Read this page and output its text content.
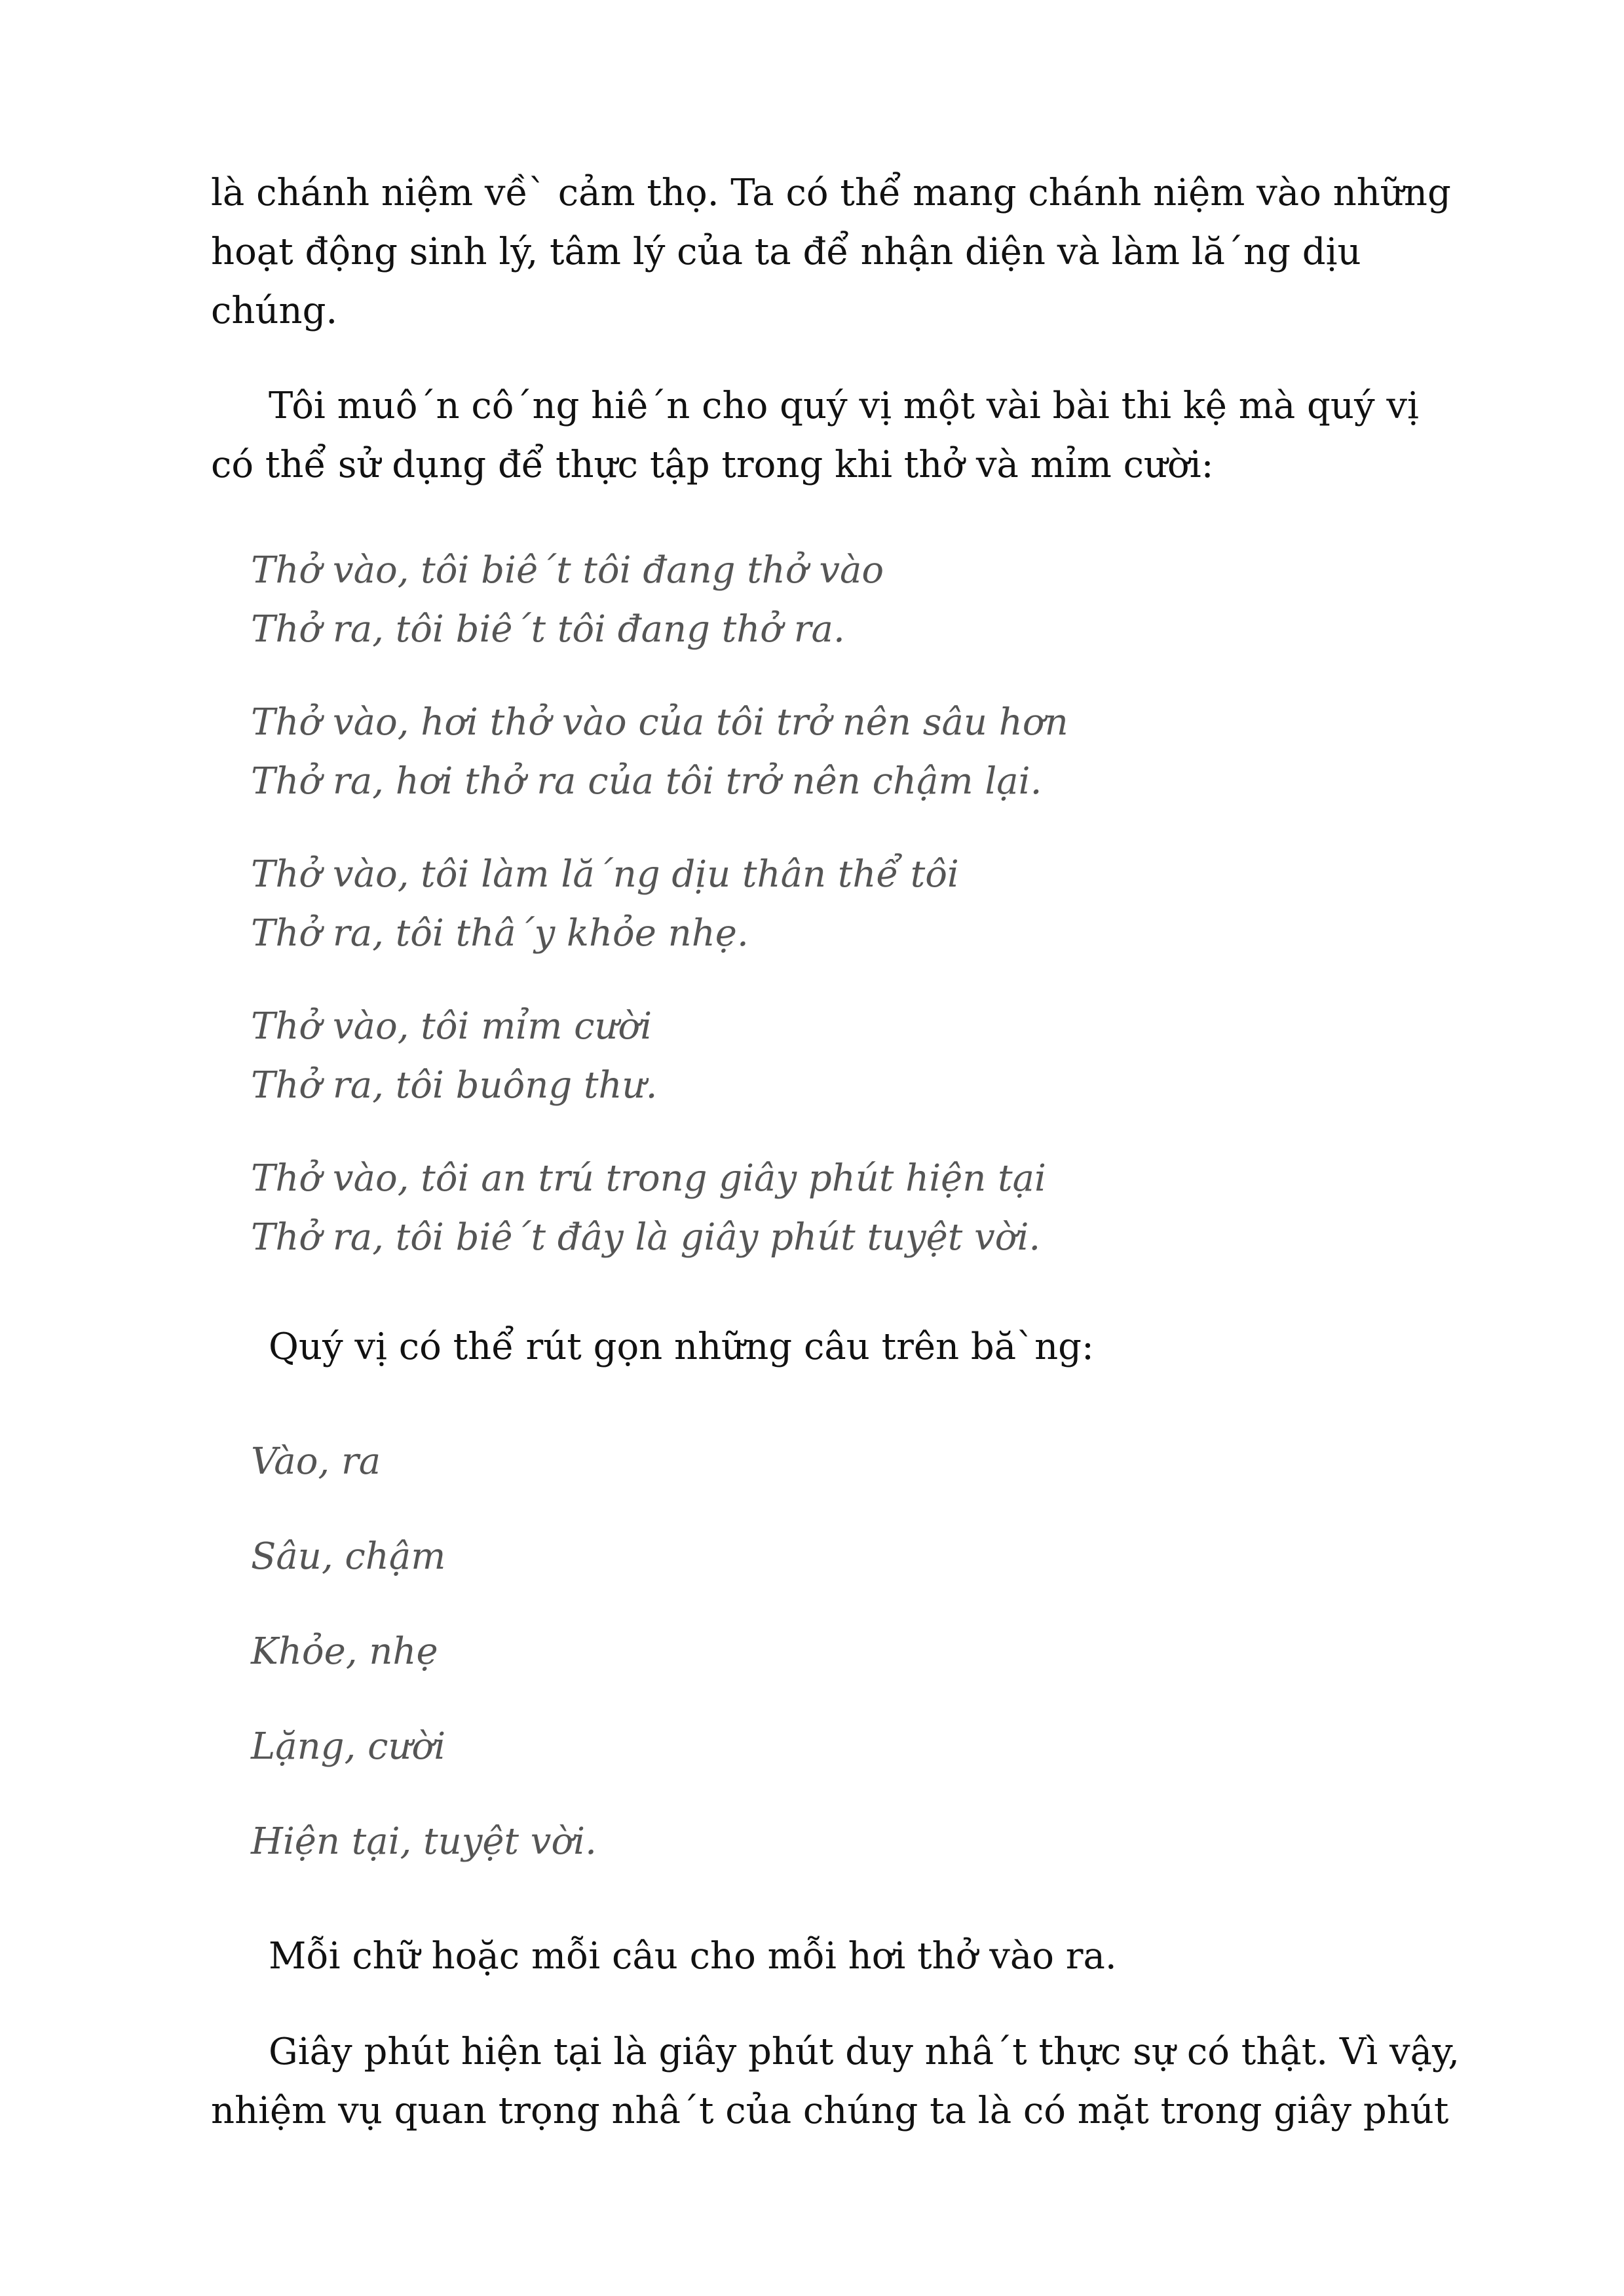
là chánh niệm về` cảm thọ. Ta có thể mang chánh niệm vào những
hoạt động sinh lý, tâm lý của ta để nhận diện và làm lă´ng dịu
chúng.
Tôi muô´n cô´ng hiê´n cho quý vị một vài bài thi kệ mà quý vị
có thể sử dụng để thực tập trong khi thở và mỉm cười:
Thở vào, tôi biê´t tôi đang thở vào
Thở ra, tôi biê´t tôi đang thở ra.
Thở vào, hơi thở vào của tôi trở nên sâu hơn
Thở ra, hơi thở ra của tôi trở nên chậm lại.
Thở vào, tôi làm lă´ng dịu thân thể tôi
Thở ra, tôi thâ´y khỏe nhẹ.
Thở vào, tôi mỉm cười
Thở ra, tôi buông thư.
Thở vào, tôi an trú trong giây phút hiện tại
Thở ra, tôi biê´t đây là giây phút tuyệt vời.
Quý vị có thể rút gọn những câu trên bă`ng:
Vào, ra
Sâu, chậm
Khỏe, nhẹ
Lặng, cười
Hiện tại, tuyệt vời.
Mỗi chữ hoặc mỗi câu cho mỗi hơi thở vào ra.
Giây phút hiện tại là giây phút duy nhâ´t thực sự có thật. Vì vậy,
nhiệm vụ quan trọng nhâ´t của chúng ta là có mặt trong giây phút
